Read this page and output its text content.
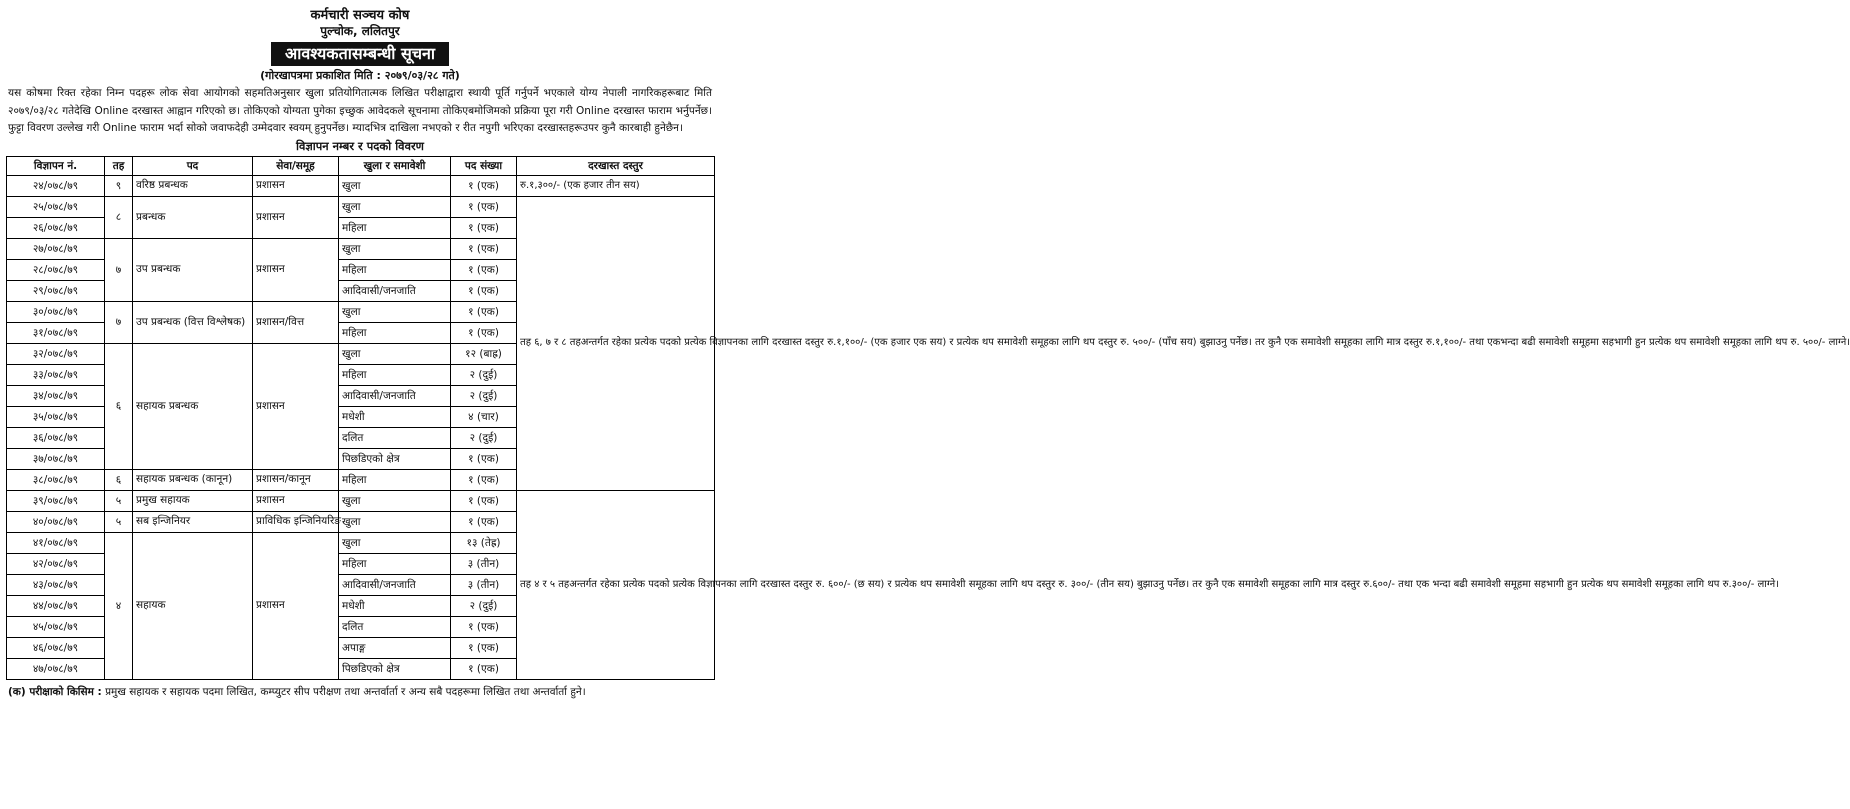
कर्मचारी सञ्चय कोष
पुल्चोक, ललितपुर
आवश्यकतासम्बन्धी सूचना
(गोरखापत्रमा प्रकाशित मिति : २०७९/०३/२८ गते)
यस कोषमा रिक्त रहेका निम्न पदहरू लोक सेवा आयोगको सहमतिअनुसार खुला प्रतियोगितात्मक लिखित परीक्षाद्वारा स्थायी पूर्ति गर्नुपर्ने भएकाले योग्य नेपाली नागरिकहरूबाट मिति २०७९/०३/२८ गतेदेखि Online दरखास्त आह्वान गरिएको छ। तोकिएको योग्यता पुगेका इच्छुक आवेदकले सूचनामा तोकिएबमोजिमको प्रक्रिया पूरा गरी Online दरखास्त फाराम भर्नुपर्नेछ। फुट्टा विवरण उल्लेख गरी Online फाराम भर्दा सोको जवाफदेही उम्मेदवार स्वयम् हुनुपर्नेछ। म्यादभित्र दाखिला नभएको र रीत नपुगी भरिएका दरखास्तहरूउपर कुनै कारबाही हुनेछैन।
विज्ञापन नम्बर र पदको विवरण
विज्ञापन नं.	तह	पद	सेवा/समूह	खुला र समावेशी	पद संख्या	दरखास्त दस्तुर
२४/०७८/७९	९	वरिष्ठ प्रबन्धक	प्रशासन	खुला	१ (एक)	रु.१,३००/- (एक हजार तीन सय)
२५/०७८/७९	८	प्रबन्धक	प्रशासन	खुला	१ (एक)	तह ६, ७ र ८ तहअन्तर्गत रहेका प्रत्येक पदको प्रत्येक विज्ञापनका लागि दरखास्त दस्तुर रु.१,१००/- (एक हजार एक सय) र प्रत्येक थप समावेशी समूहका लागि थप दस्तुर रु. ५००/- (पाँच सय) बुझाउनु पर्नेछ। तर कुनै एक समावेशी समूहका लागि मात्र दस्तुर रु.१,१००/- तथा एकभन्दा बढी समावेशी समूहमा सहभागी हुन प्रत्येक थप समावेशी समूहका लागि थप रु. ५००/- लाग्ने।
२६/०७८/७९				महिला	१ (एक)	
२७/०७८/७९	७	उप प्रबन्धक	प्रशासन	खुला	१ (एक)	
२८/०७८/७९				महिला	१ (एक)	
२९/०७८/७९				आदिवासी/जनजाति	१ (एक)	
३०/०७८/७९	७	उप प्रबन्धक (वित्त विश्लेषक)	प्रशासन/वित्त	खुला	१ (एक)	
३१/०७८/७९				महिला	१ (एक)	
३२/०७८/७९	६	सहायक प्रबन्धक	प्रशासन	खुला	१२ (बाह्र)	
३३/०७८/७९				महिला	२ (दुई)	
३४/०७८/७९				आदिवासी/जनजाति	२ (दुई)	
३५/०७८/७९				मधेशी	४ (चार)	
३६/०७८/७९				दलित	२ (दुई)	
३७/०७८/७९				पिछडिएको क्षेत्र	१ (एक)	
३८/०७८/७९	६	सहायक प्रबन्धक (कानून)	प्रशासन/कानून	महिला	१ (एक)	
३९/०७८/७९	५	प्रमुख सहायक	प्रशासन	खुला	१ (एक)	तह ४ र ५ तहअन्तर्गत रहेका प्रत्येक पदको प्रत्येक विज्ञापनका लागि दरखास्त दस्तुर रु. ६००/- (छ सय) र प्रत्येक थप समावेशी समूहका लागि थप दस्तुर रु. ३००/- (तीन सय) बुझाउनु पर्नेछ। तर कुनै एक समावेशी समूहका लागि मात्र दस्तुर रु.६००/- तथा एक भन्दा बढी समावेशी समूहमा सहभागी हुन प्रत्येक थप समावेशी समूहका लागि थप रु.३००/- लाग्ने।
४०/०७८/७९	५	सब इन्जिनियर	प्राविधिक इन्जिनियरिङ	खुला	१ (एक)	
४१/०७८/७९	४	सहायक	प्रशासन	खुला	१३ (तेह्र)	
४२/०७८/७९				महिला	३ (तीन)	
४३/०७८/७९				आदिवासी/जनजाति	३ (तीन)	
४४/०७८/७९				मधेशी	२ (दुई)	
४५/०७८/७९				दलित	१ (एक)	
४६/०७८/७९				अपाङ्ग	१ (एक)	
४७/०७८/७९				पिछडिएको क्षेत्र	१ (एक)	
(क) परीक्षाको किसिम : प्रमुख सहायक र सहायक पदमा लिखित, कम्प्युटर सीप परीक्षण तथा अन्तर्वार्ता र अन्य सबै पदहरूमा लिखित तथा अन्तर्वार्ता हुने।
